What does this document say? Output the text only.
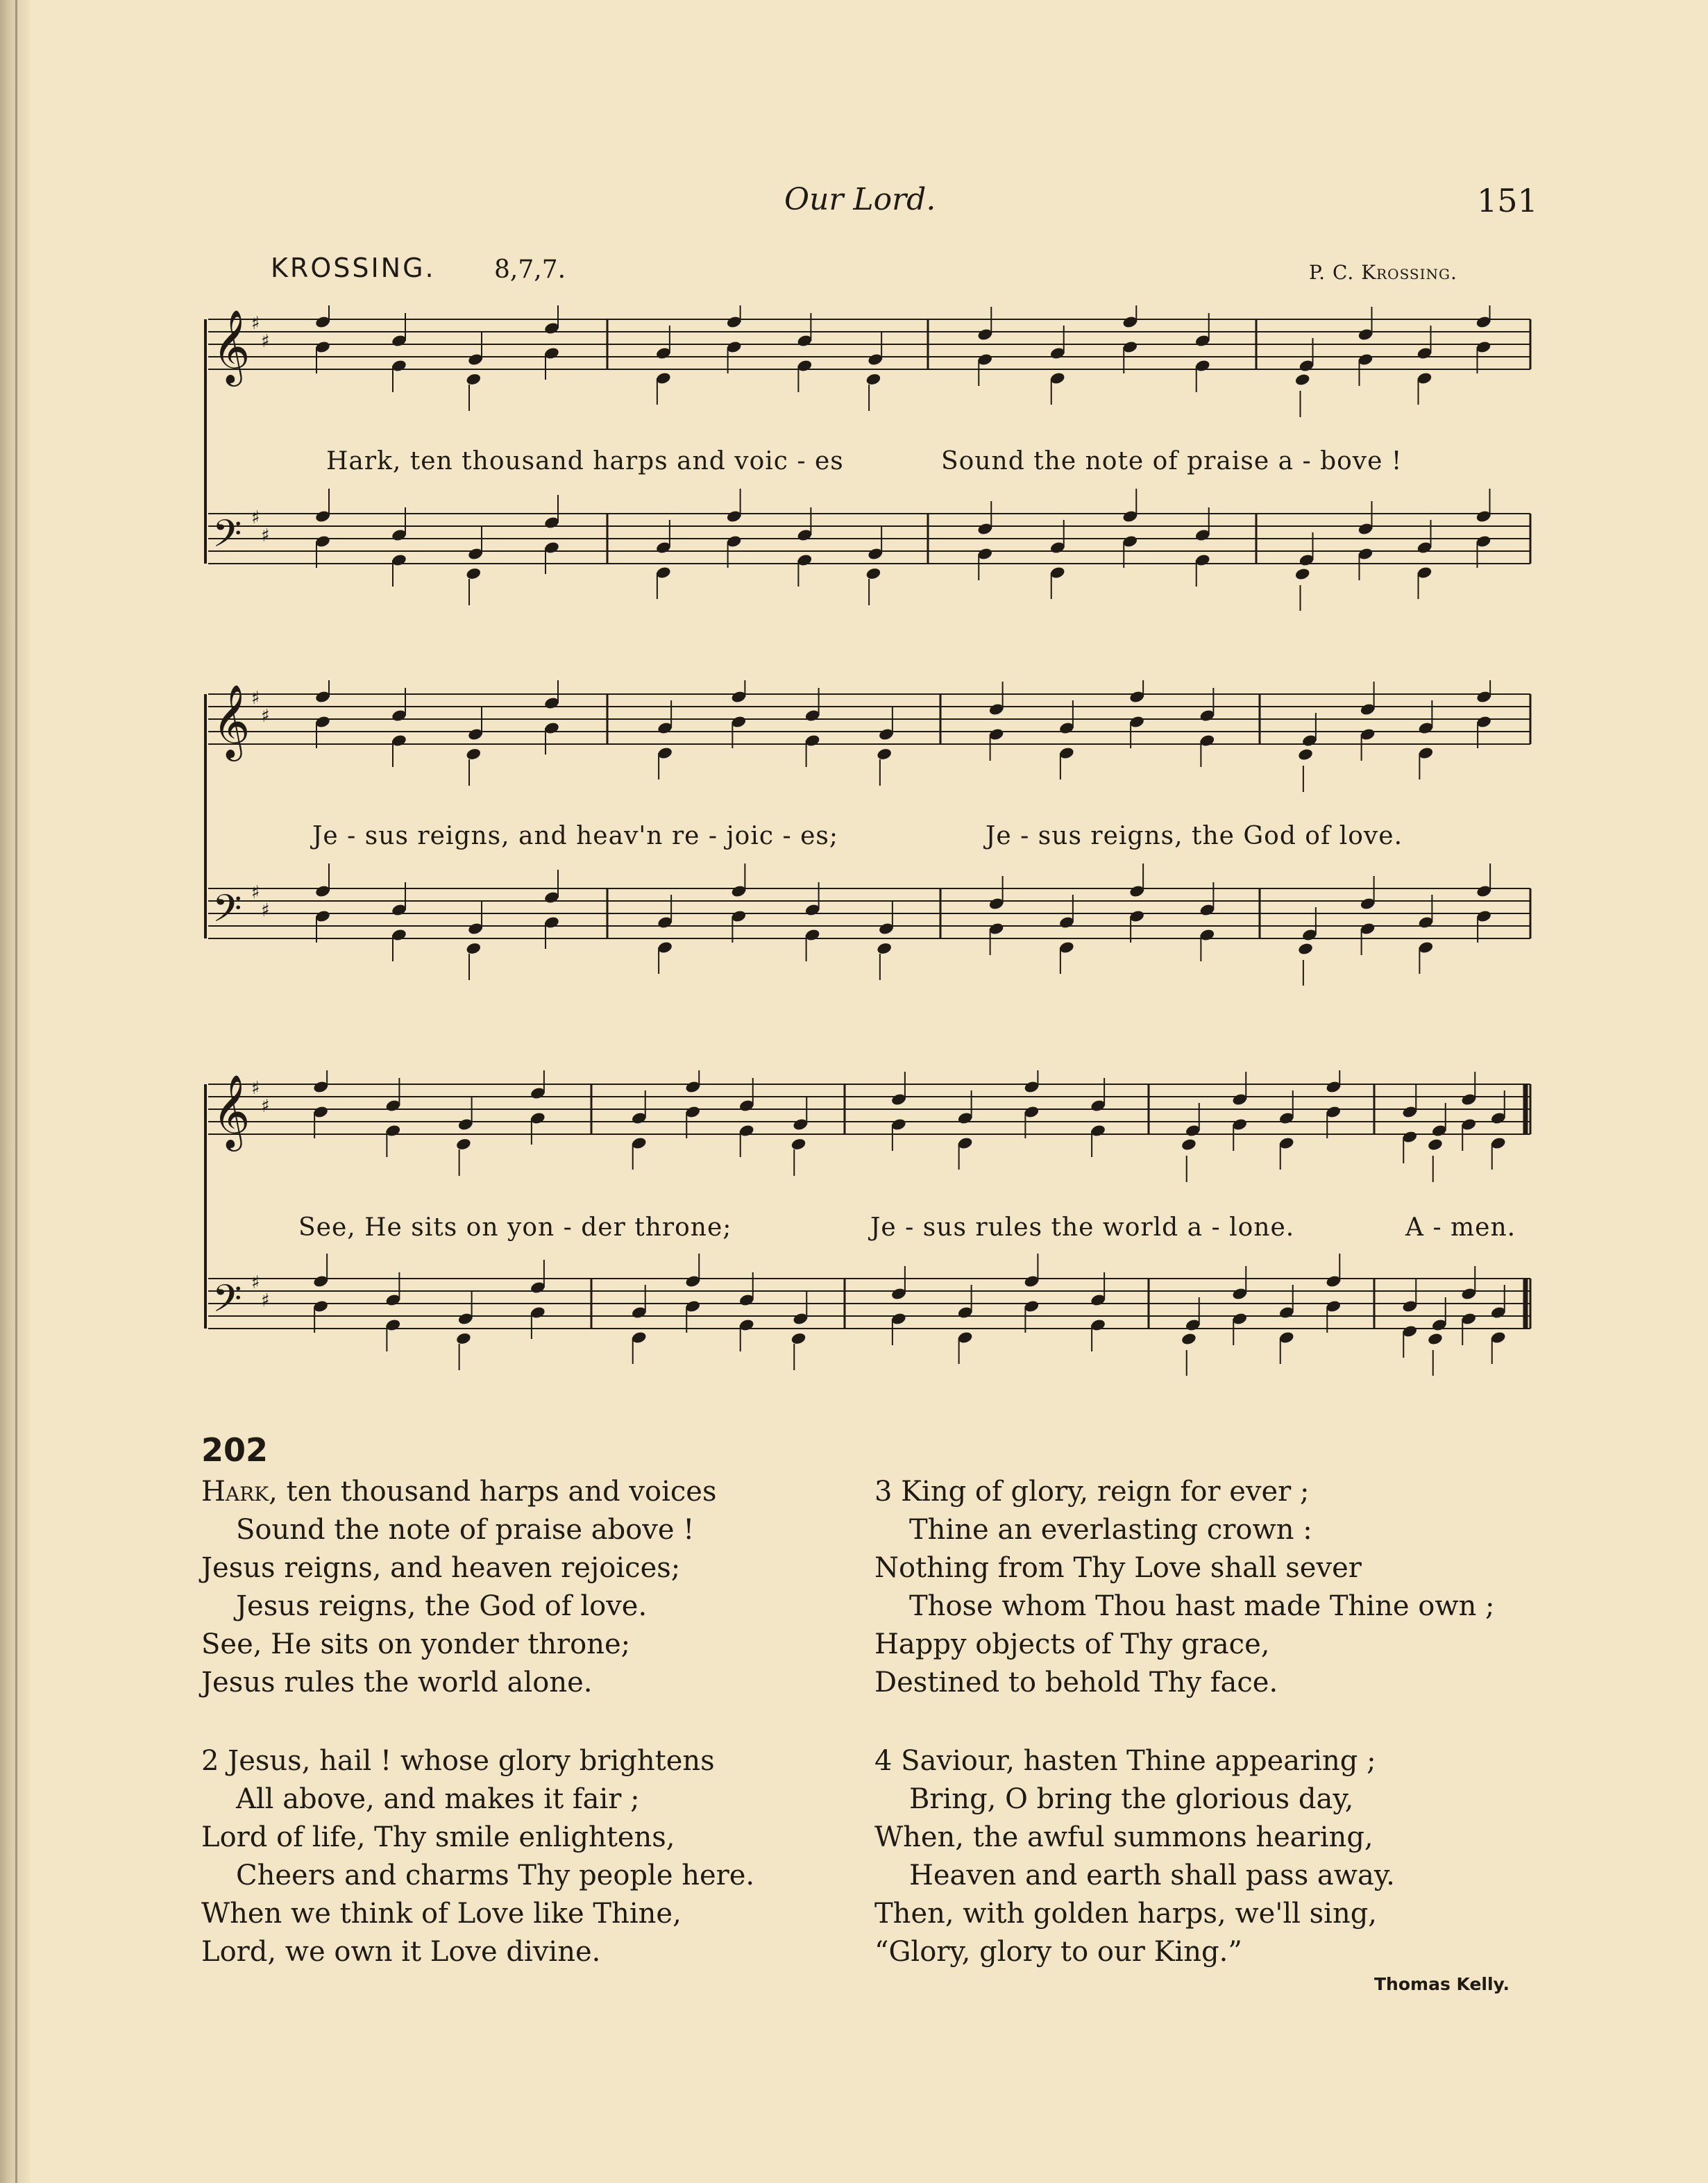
Our Lord.	151
KROSSING. 8,7,7.	P. C. Krossing.
𝄞 ♯
♯
𝄢 ♯
♯
Hark, ten thousand harps and voic - es	Sound the note of praise a - bove !
𝄞 ♯
♯
𝄢 ♯
♯
Je - sus reigns, and heav'n re - joic - es;	Je - sus reigns, the God of love.
𝄞 ♯
♯
𝄢 ♯
♯
See, He sits on yon - der throne;	Je - sus rules the world a - lone.	A - men.
202
Hark, ten thousand harps and voices
Sound the note of praise above !
Jesus reigns, and heaven rejoices;
Jesus reigns, the God of love.
See, He sits on yonder throne;
Jesus rules the world alone.
2 Jesus, hail ! whose glory brightens
All above, and makes it fair ;
Lord of life, Thy smile enlightens,
Cheers and charms Thy people here.
When we think of Love like Thine,
Lord, we own it Love divine.
3 King of glory, reign for ever ;
Thine an everlasting crown :
Nothing from Thy Love shall sever
Those whom Thou hast made Thine own ;
Happy objects of Thy grace,
Destined to behold Thy face.
4 Saviour, hasten Thine appearing ;
Bring, O bring the glorious day,
When, the awful summons hearing,
Heaven and earth shall pass away.
Then, with golden harps, we'll sing,
“Glory, glory to our King.”
Thomas Kelly.
